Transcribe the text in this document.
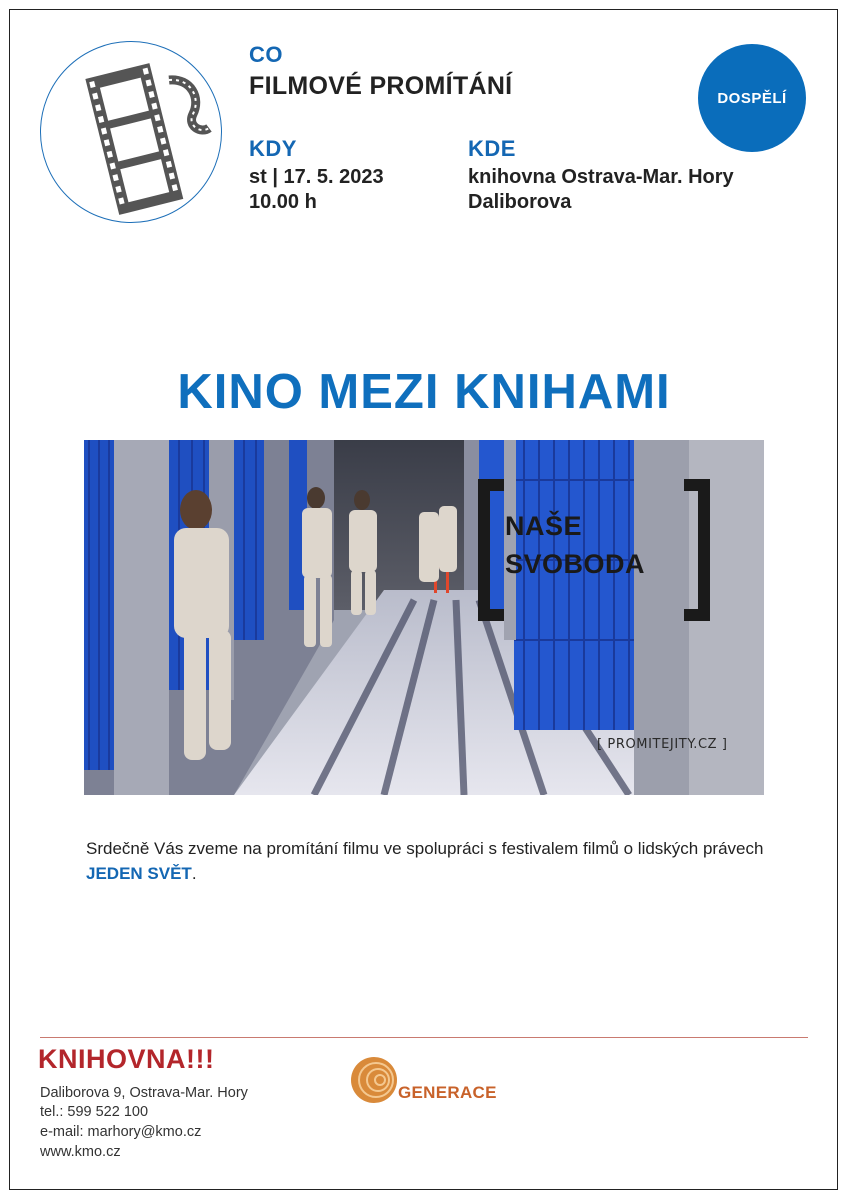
CO
FILMOVÉ PROMÍTÁNÍ	DOSPĚLÍ
KDY
st | 17. 5. 2023
10.00 h
KDE
knihovna Ostrava-Mar. Hory
Daliborova
KINO MEZI KNIHAMI
NAŠE
SVOBODA
[ PROMITEJITY.CZ ]
Srdečně Vás zveme na promítání filmu ve spolupráci s festivalem filmů o lidských právech JEDEN SVĚT.
KNIHOVNA!!!
Daliborova 9, Ostrava-Mar. Hory
tel.: 599 522 100
e-mail: marhory@kmo.cz
www.kmo.cz
GENERACE
